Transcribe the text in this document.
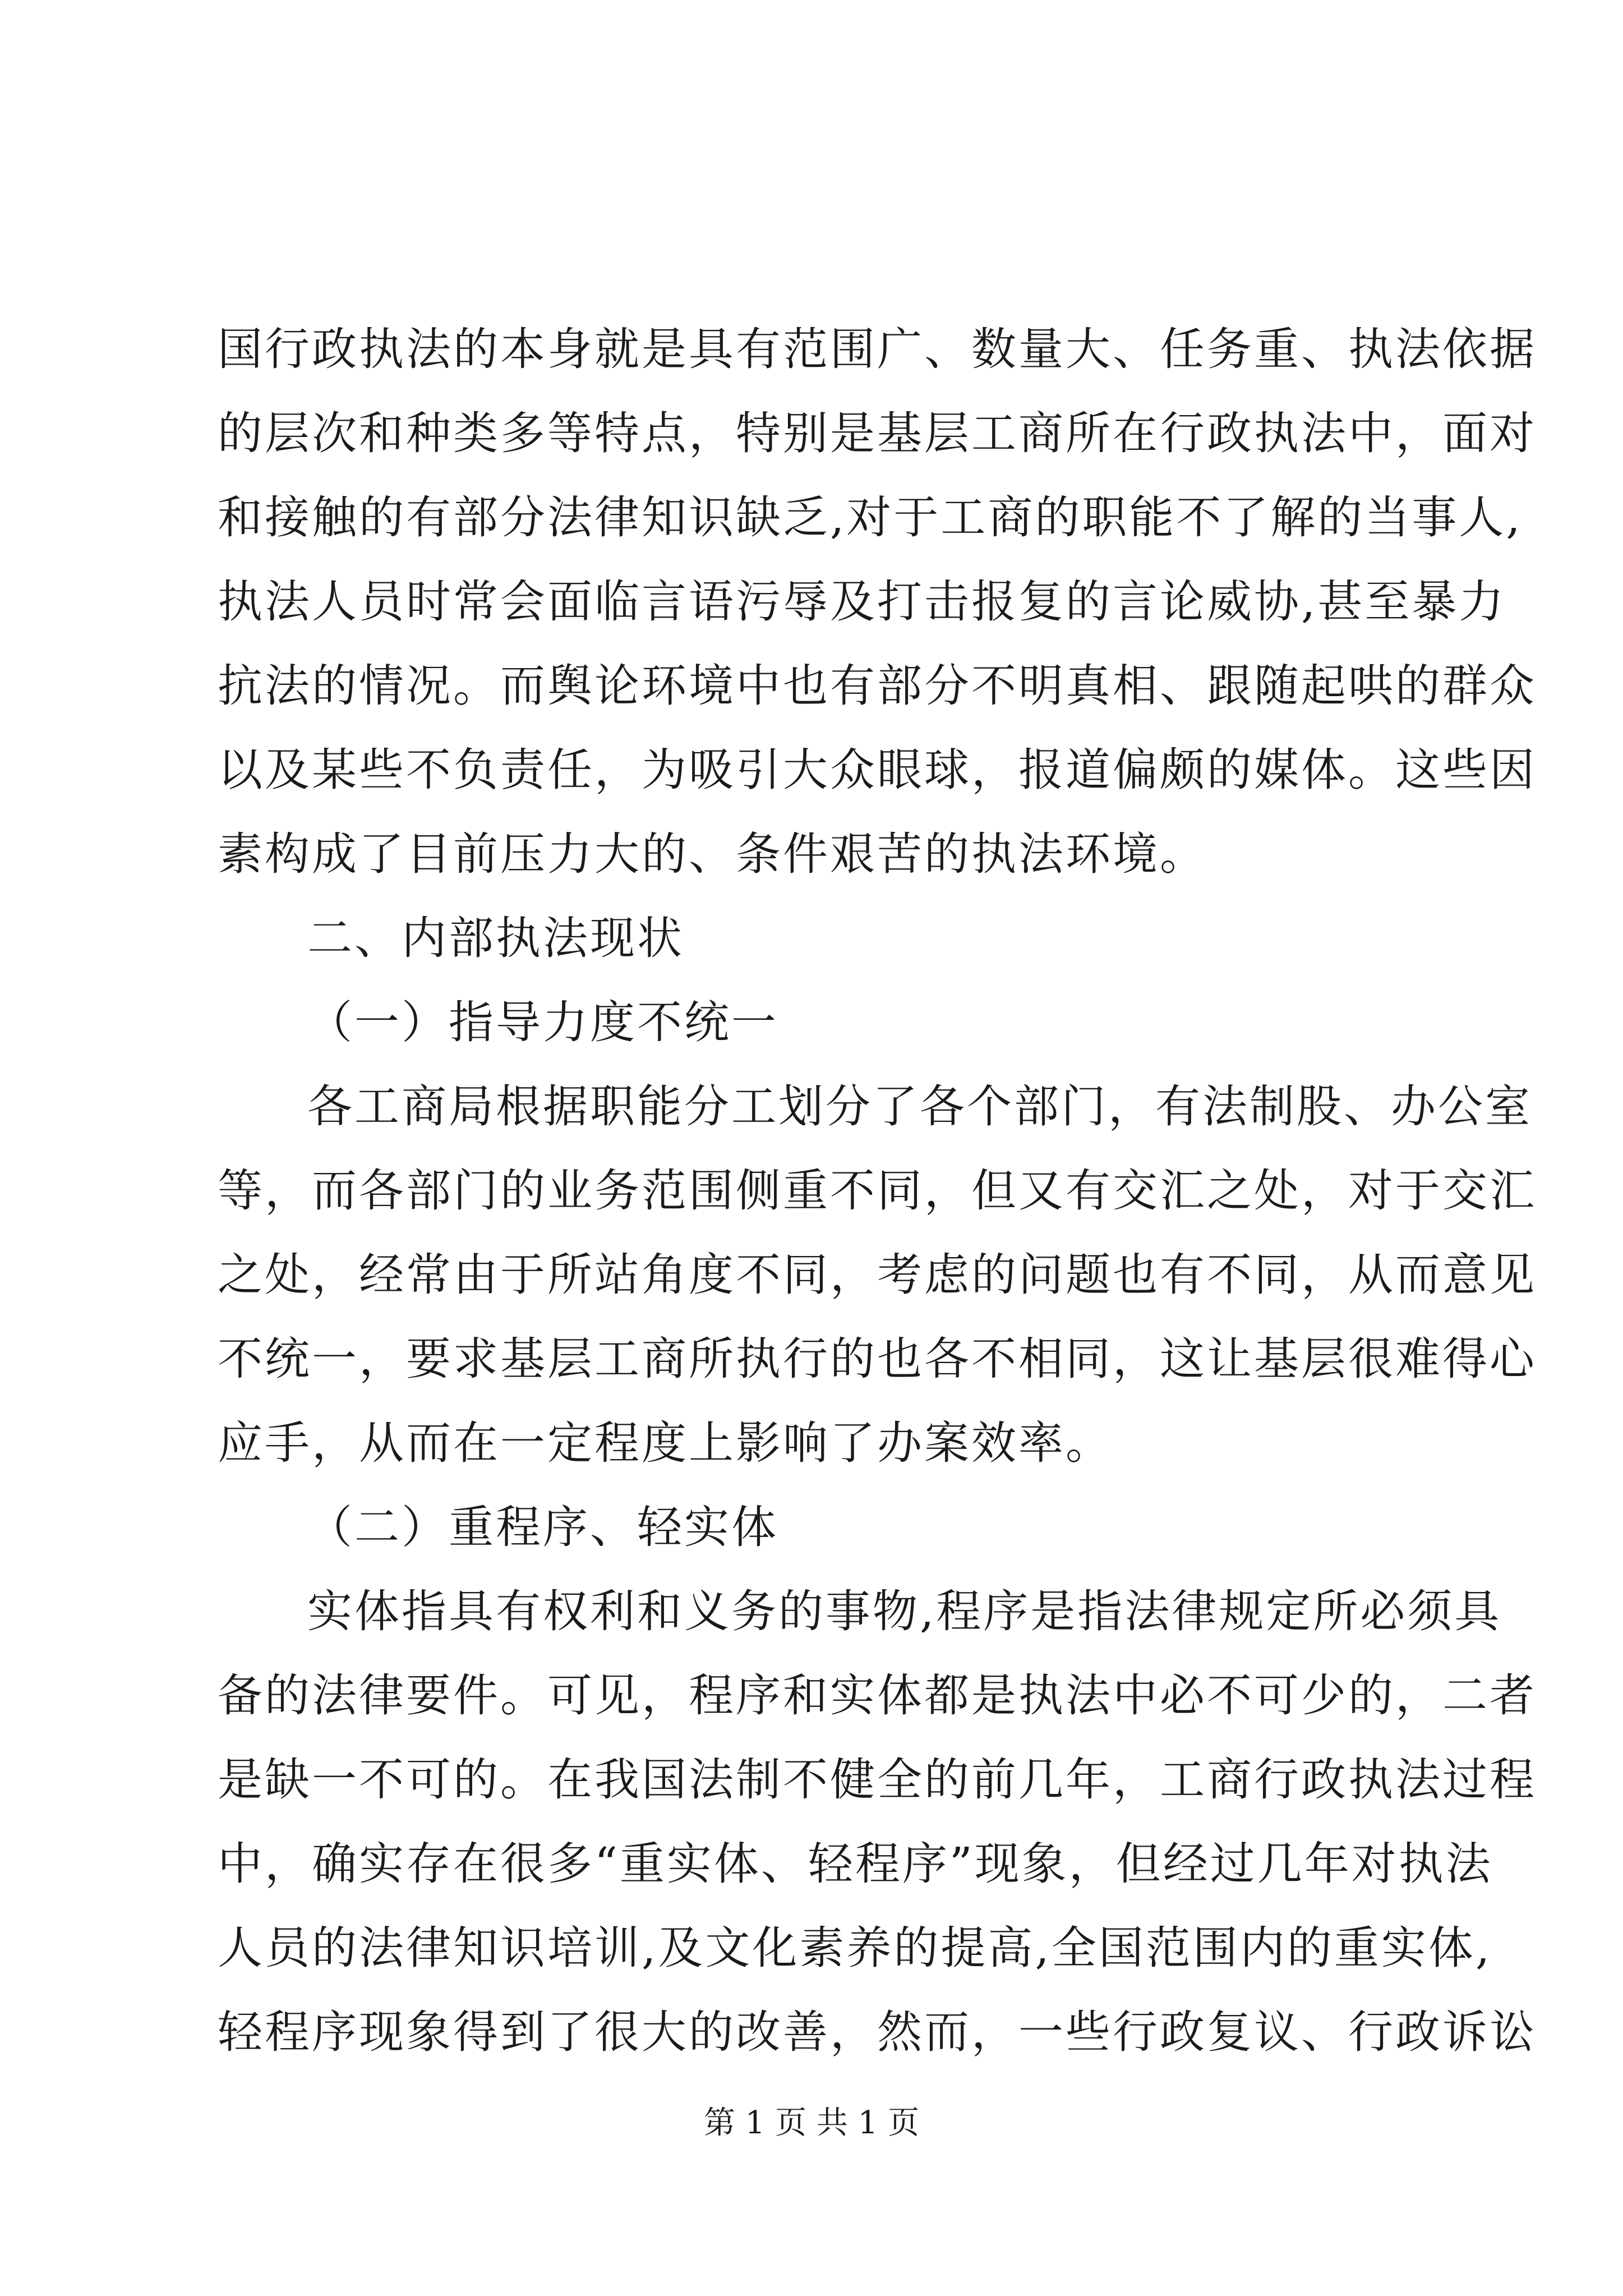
国行政执法的本身就是具有范围广、数量大、任务重、执法依据
的层次和种类多等特点，特别是基层工商所在行政执法中，面对
和接触的有部分法律知识缺乏,对于工商的职能不了解的当事人,
执法人员时常会面临言语污辱及打击报复的言论威协,甚至暴力
抗法的情况。而舆论环境中也有部分不明真相、跟随起哄的群众
以及某些不负责任，为吸引大众眼球，报道偏颇的媒体。这些因
素构成了目前压力大的、条件艰苦的执法环境。
二、内部执法现状
（一）指导力度不统一
各工商局根据职能分工划分了各个部门，有法制股、办公室
等，而各部门的业务范围侧重不同，但又有交汇之处，对于交汇
之处，经常由于所站角度不同，考虑的问题也有不同，从而意见
不统一，要求基层工商所执行的也各不相同，这让基层很难得心
应手，从而在一定程度上影响了办案效率。
（二）重程序、轻实体
实体指具有权利和义务的事物,程序是指法律规定所必须具
备的法律要件。可见，程序和实体都是执法中必不可少的，二者
是缺一不可的。在我国法制不健全的前几年，工商行政执法过程
中，确实存在很多“重实体、轻程序”现象，但经过几年对执法
人员的法律知识培训,及文化素养的提高,全国范围内的重实体,
轻程序现象得到了很大的改善，然而，一些行政复议、行政诉讼
第 1 页 共 1 页
